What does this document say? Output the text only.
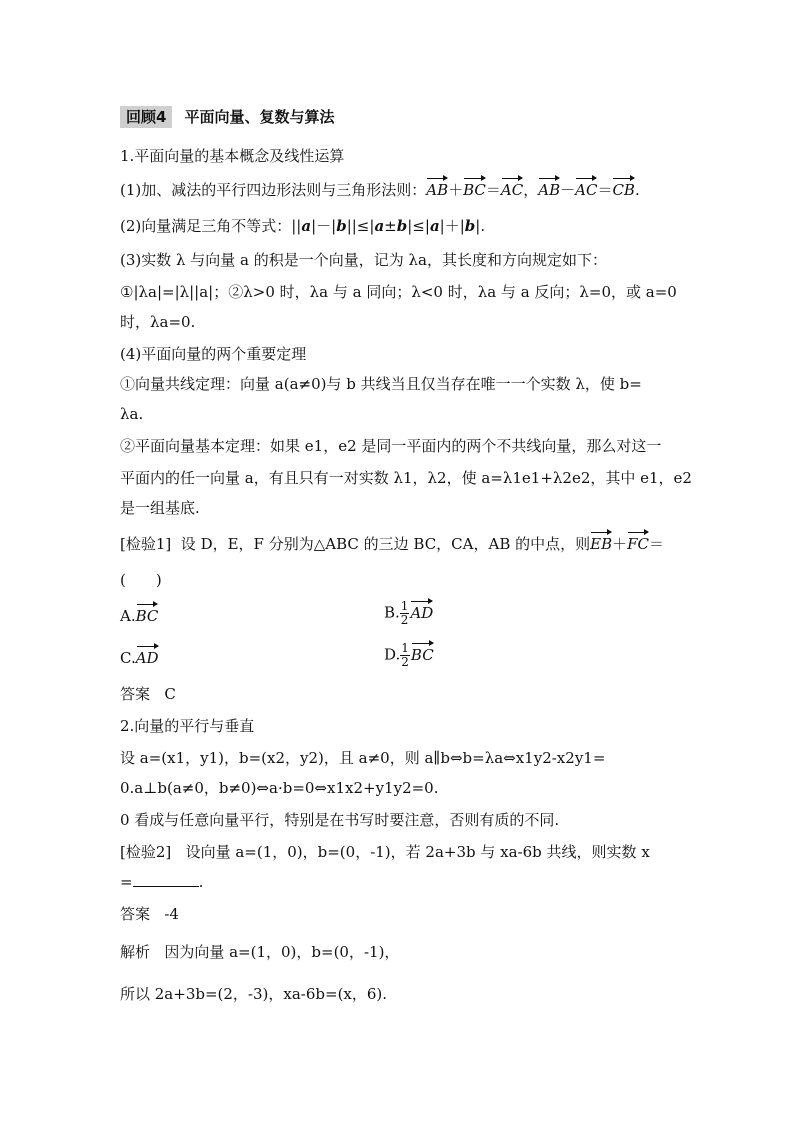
回顾4 平面向量、复数与算法
1.平面向量的基本概念及线性运算
(1)加、减法的平行四边形法则与三角形法则：AB＋BC＝AC，AB－AC＝CB.
(2)向量满足三角不等式：||a|－|b||≤|a±b|≤|a|＋|b|.
(3)实数 λ 与向量 a 的积是一个向量，记为 λa，其长度和方向规定如下：
①|λa|=|λ||a|；②λ>0 时，λa 与 a 同向；λ<0 时，λa 与 a 反向；λ=0，或 a=0
时，λa=0.
(4)平面向量的两个重要定理
①向量共线定理：向量 a(a≠0)与 b 共线当且仅当存在唯一一个实数 λ，使 b=
λa.
②平面向量基本定理：如果 e1，e2 是同一平面内的两个不共线向量，那么对这一
平面内的任一向量 a，有且只有一对实数 λ1，λ2，使 a=λ1e1+λ2e2，其中 e1，e2
是一组基底.
[检验1] 设 D，E，F 分别为△ABC 的三边 BC，CA，AB 的中点，则EB＋FC＝
(　　)
A.BC	B. $\frac{1}{2}$ AD
C.AD	D. $\frac{1}{2}$ BC
答案 C
2.向量的平行与垂直
设 a=(x1，y1)，b=(x2，y2)，且 a≠0，则 a∥b⇔b=λa⇔x1y2-x2y1=
0.a⊥b(a≠0，b≠0)⇔a·b=0⇔x1x2+y1y2=0.
0 看成与任意向量平行，特别是在书写时要注意，否则有质的不同.
[检验2] 设向量 a=(1，0)，b=(0，-1)，若 2a+3b 与 xa-6b 共线，则实数 x
=	.
答案 -4
解析 因为向量 a=(1，0)，b=(0，-1)，
所以 2a+3b=(2，-3)，xa-6b=(x，6).
